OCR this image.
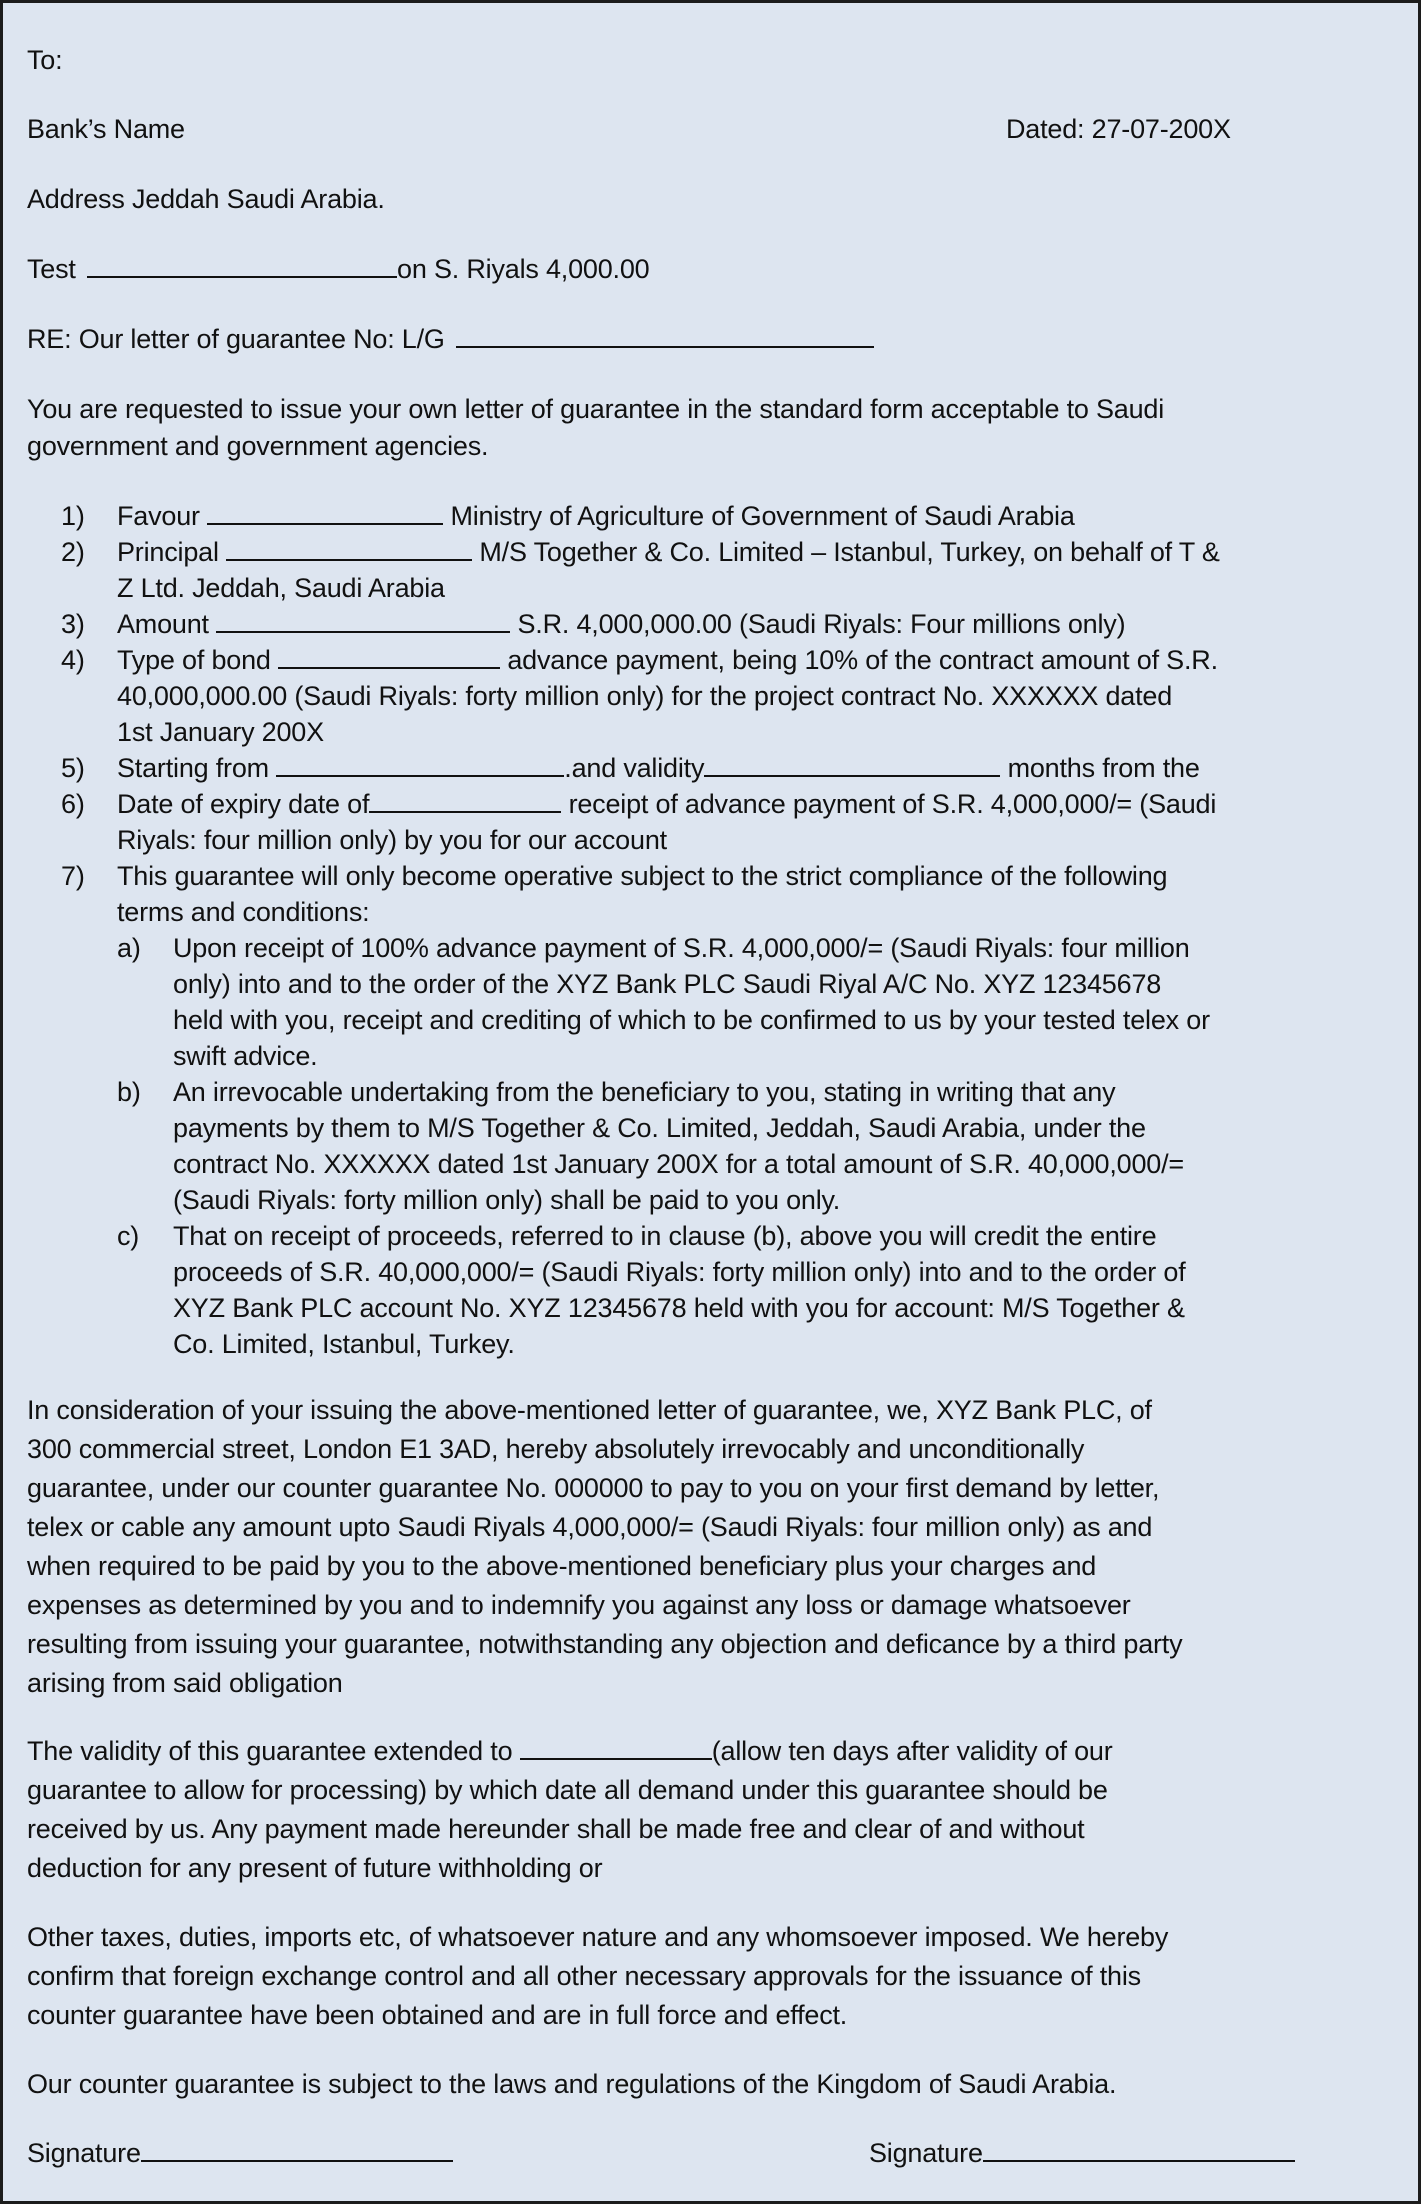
To:
Bank’s Name	Dated: 27-07-200X
Address Jeddah Saudi Arabia.
Test	on S. Riyals 4,000.00
RE: Our letter of guarantee No: L/G
You are requested to issue your own letter of guarantee in the standard form acceptable to Saudi
government and government agencies.
1) Favour	Ministry of Agriculture of Government of Saudi Arabia
2) Principal	M/S Together & Co. Limited – Istanbul, Turkey, on behalf of T &
Z Ltd. Jeddah, Saudi Arabia
3) Amount	S.R. 4,000,000.00 (Saudi Riyals: Four millions only)
4) Type of bond	advance payment, being 10% of the contract amount of S.R.
40,000,000.00 (Saudi Riyals: forty million only) for the project contract No. XXXXXX dated
1st January 200X
5) Starting from	.and validity	months from the
6) Date of expiry date of	receipt of advance payment of S.R. 4,000,000/= (Saudi
Riyals: four million only) by you for our account
7) This guarantee will only become operative subject to the strict compliance of the following
terms and conditions:
a) Upon receipt of 100% advance payment of S.R. 4,000,000/= (Saudi Riyals: four million
only) into and to the order of the XYZ Bank PLC Saudi Riyal A/C No. XYZ 12345678
held with you, receipt and crediting of which to be confirmed to us by your tested telex or
swift advice.
b) An irrevocable undertaking from the beneficiary to you, stating in writing that any
payments by them to M/S Together & Co. Limited, Jeddah, Saudi Arabia, under the
contract No. XXXXXX dated 1st January 200X for a total amount of S.R. 40,000,000/=
(Saudi Riyals: forty million only) shall be paid to you only.
c) That on receipt of proceeds, referred to in clause (b), above you will credit the entire
proceeds of S.R. 40,000,000/= (Saudi Riyals: forty million only) into and to the order of
XYZ Bank PLC account No. XYZ 12345678 held with you for account: M/S Together &
Co. Limited, Istanbul, Turkey.
In consideration of your issuing the above-mentioned letter of guarantee, we, XYZ Bank PLC, of
300 commercial street, London E1 3AD, hereby absolutely irrevocably and unconditionally
guarantee, under our counter guarantee No. 000000 to pay to you on your first demand by letter,
telex or cable any amount upto Saudi Riyals 4,000,000/= (Saudi Riyals: four million only) as and
when required to be paid by you to the above-mentioned beneficiary plus your charges and
expenses as determined by you and to indemnify you against any loss or damage whatsoever
resulting from issuing your guarantee, notwithstanding any objection and deficance by a third party
arising from said obligation
The validity of this guarantee extended to	(allow ten days after validity of our
guarantee to allow for processing) by which date all demand under this guarantee should be
received by us. Any payment made hereunder shall be made free and clear of and without
deduction for any present of future withholding or
Other taxes, duties, imports etc, of whatsoever nature and any whomsoever imposed. We hereby
confirm that foreign exchange control and all other necessary approvals for the issuance of this
counter guarantee have been obtained and are in full force and effect.
Our counter guarantee is subject to the laws and regulations of the Kingdom of Saudi Arabia.
Signature	Signature
